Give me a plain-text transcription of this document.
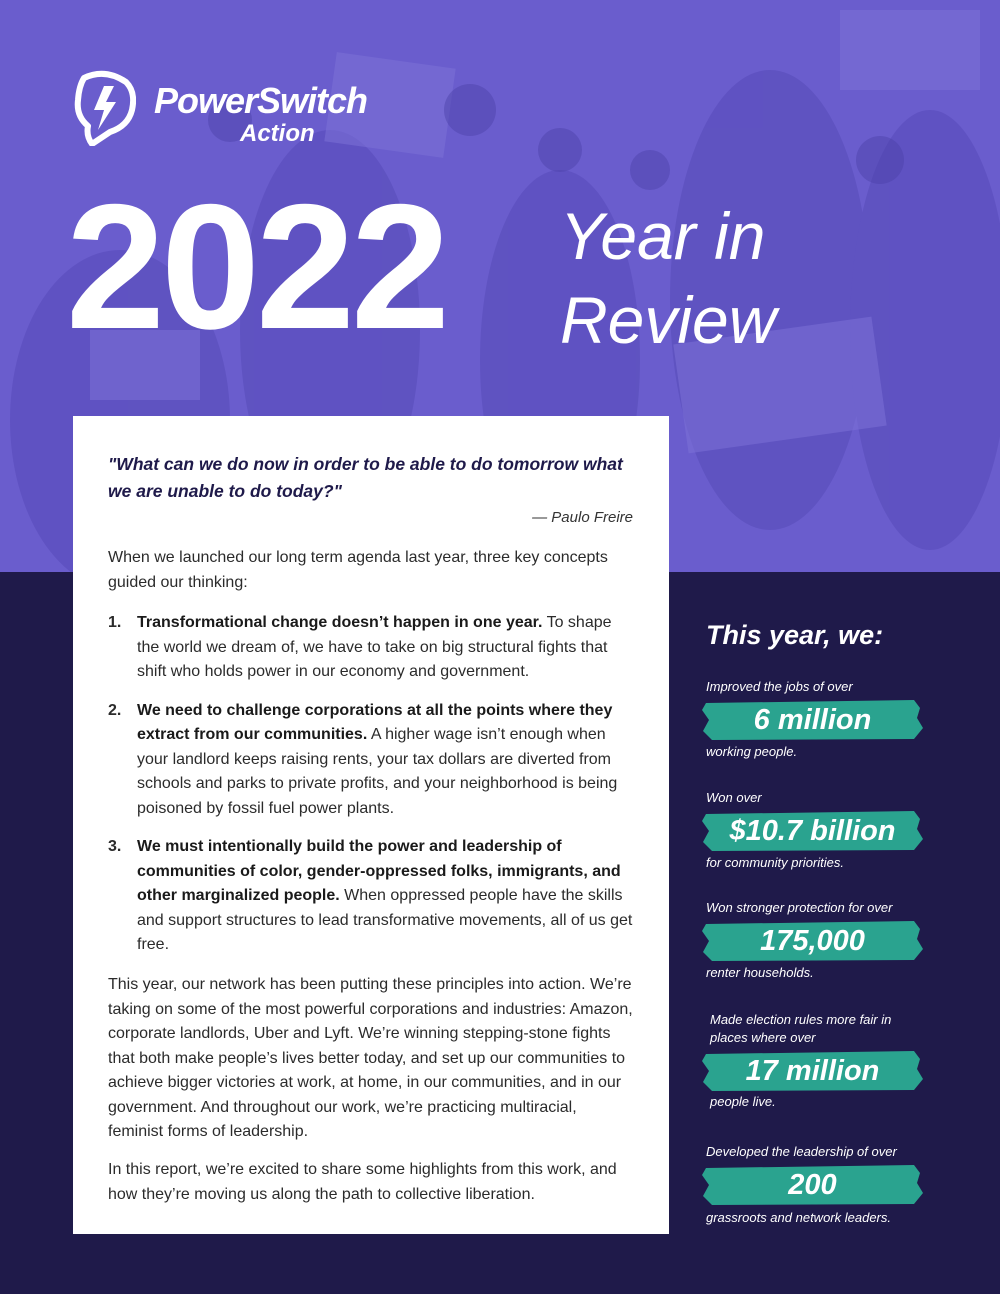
PowerSwitch
Action
2022 Year in
Review
"What can we do now in order to be able to do tomorrow what we are unable to do today?"
— Paulo Freire

When we launched our long term agenda last year, three key concepts guided our thinking:

1. Transformational change doesn’t happen in one year. To shape the world we dream of, we have to take on big structural fights that shift who holds power in our economy and government.
2. We need to challenge corporations at all the points where they extract from our communities. A higher wage isn’t enough when your landlord keeps raising rents, your tax dollars are diverted from schools and parks to private profits, and your neighborhood is being poisoned by fossil fuel power plants.
3. We must intentionally build the power and leadership of communities of color, gender-oppressed folks, immigrants, and other marginalized people. When oppressed people have the skills and support structures to lead transformative movements, all of us get free.

This year, our network has been putting these principles into action. We’re taking on some of the most powerful corporations and industries: Amazon, corporate landlords, Uber and Lyft. We’re winning stepping-stone fights that both make people’s lives better today, and set up our communities to achieve bigger victories at work, at home, in our communities, and in our government. And throughout our work, we’re practicing multiracial, feminist forms of leadership.

In this report, we’re excited to share some highlights from this work, and how they’re moving us along the path to collective liberation.

This year, we:
Improved the jobs of over
6 million
working people.
Won over
$10.7 billion
for community priorities.
Won stronger protection for over
175,000
renter households.
Made election rules more fair in places where over
17 million
people live.
Developed the leadership of over
200
grassroots and network leaders.
